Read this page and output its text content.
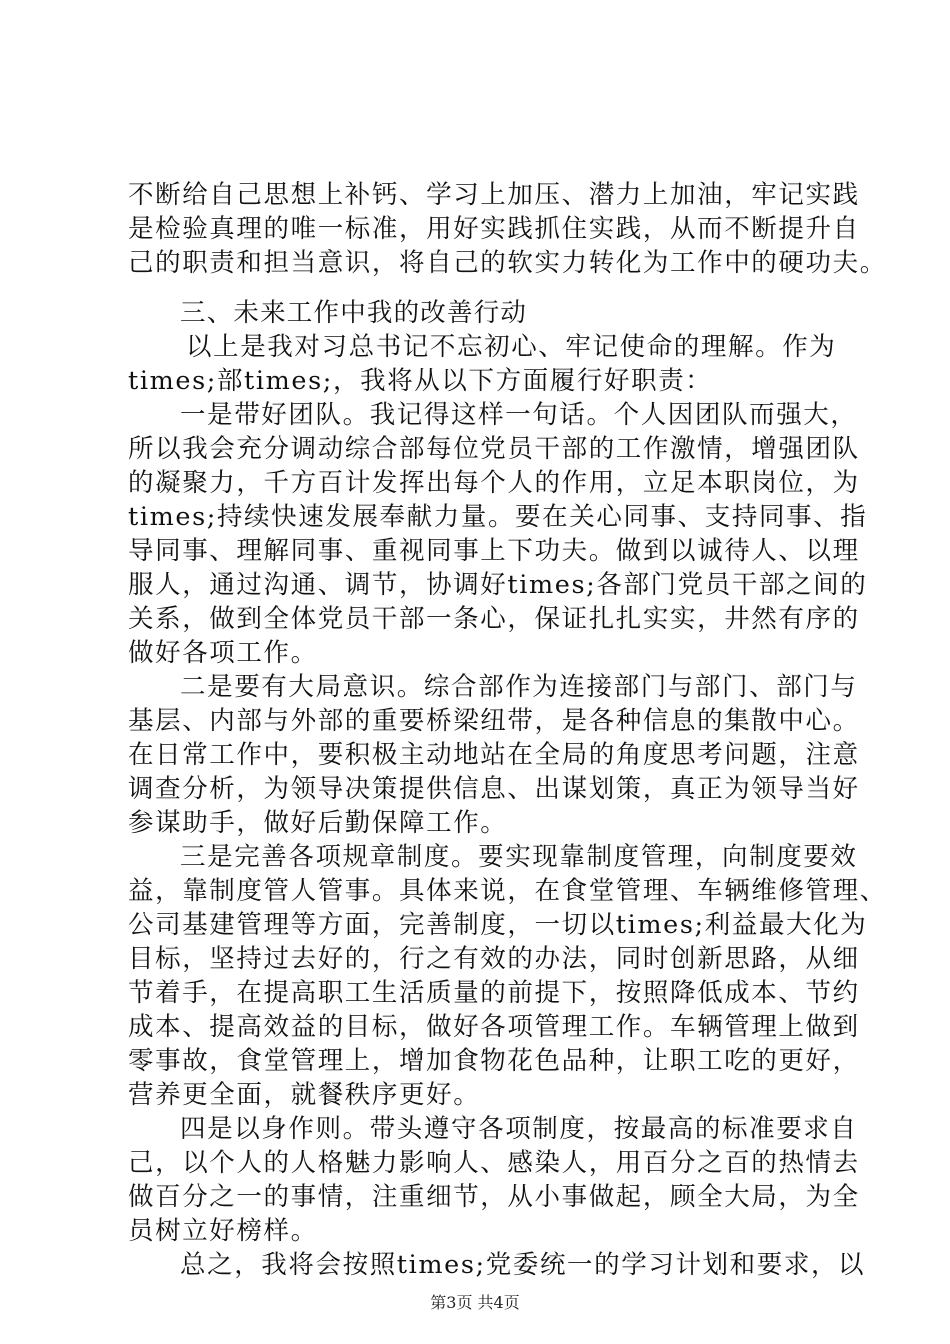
不断给自己思想上补钙、学习上加压、潜力上加油，牢记实践
是检验真理的唯一标准，用好实践抓住实践，从而不断提升自
己的职责和担当意识，将自己的软实力转化为工作中的硬功夫。
三、未来工作中我的改善行动
以上是我对习总书记不忘初心、牢记使命的理解。作为
times;部times;，我将从以下方面履行好职责：
一是带好团队。我记得这样一句话。个人因团队而强大，
所以我会充分调动综合部每位党员干部的工作激情，增强团队
的凝聚力，千方百计发挥出每个人的作用，立足本职岗位，为
times;持续快速发展奉献力量。要在关心同事、支持同事、指
导同事、理解同事、重视同事上下功夫。做到以诚待人、以理
服人，通过沟通、调节，协调好times;各部门党员干部之间的
关系，做到全体党员干部一条心，保证扎扎实实，井然有序的
做好各项工作。
二是要有大局意识。综合部作为连接部门与部门、部门与
基层、内部与外部的重要桥梁纽带，是各种信息的集散中心。
在日常工作中，要积极主动地站在全局的角度思考问题，注意
调查分析，为领导决策提供信息、出谋划策，真正为领导当好
参谋助手，做好后勤保障工作。
三是完善各项规章制度。要实现靠制度管理，向制度要效
益，靠制度管人管事。具体来说，在食堂管理、车辆维修管理、
公司基建管理等方面，完善制度，一切以times;利益最大化为
目标，坚持过去好的，行之有效的办法，同时创新思路，从细
节着手，在提高职工生活质量的前提下，按照降低成本、节约
成本、提高效益的目标，做好各项管理工作。车辆管理上做到
零事故，食堂管理上，增加食物花色品种，让职工吃的更好，
营养更全面，就餐秩序更好。
四是以身作则。带头遵守各项制度，按最高的标准要求自
己，以个人的人格魅力影响人、感染人，用百分之百的热情去
做百分之一的事情，注重细节，从小事做起，顾全大局，为全
员树立好榜样。
总之，我将会按照times;党委统一的学习计划和要求，以
第3页 共4页
